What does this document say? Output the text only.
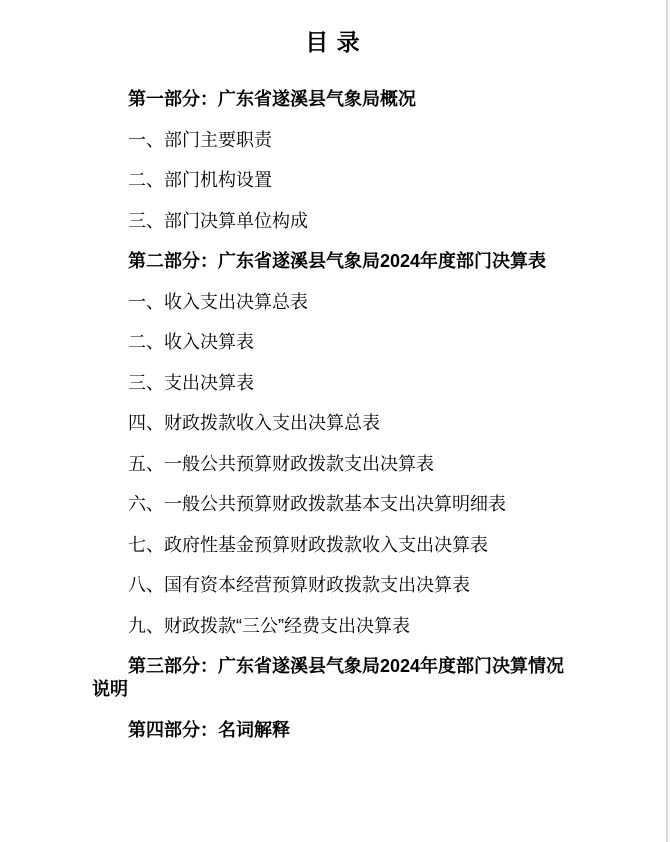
目 录

第一部分：广东省遂溪县气象局概况

一、部门主要职责

二、部门机构设置

三、部门决算单位构成

第二部分：广东省遂溪县气象局2024年度部门决算表

一、收入支出决算总表

二、收入决算表

三、支出决算表

四、财政拨款收入支出决算总表

五、一般公共预算财政拨款支出决算表

六、一般公共预算财政拨款基本支出决算明细表

七、政府性基金预算财政拨款收入支出决算表

八、国有资本经营预算财政拨款支出决算表

九、财政拨款“三公”经费支出决算表

第三部分：广东省遂溪县气象局2024年度部门决算情况说明

第四部分：名词解释
